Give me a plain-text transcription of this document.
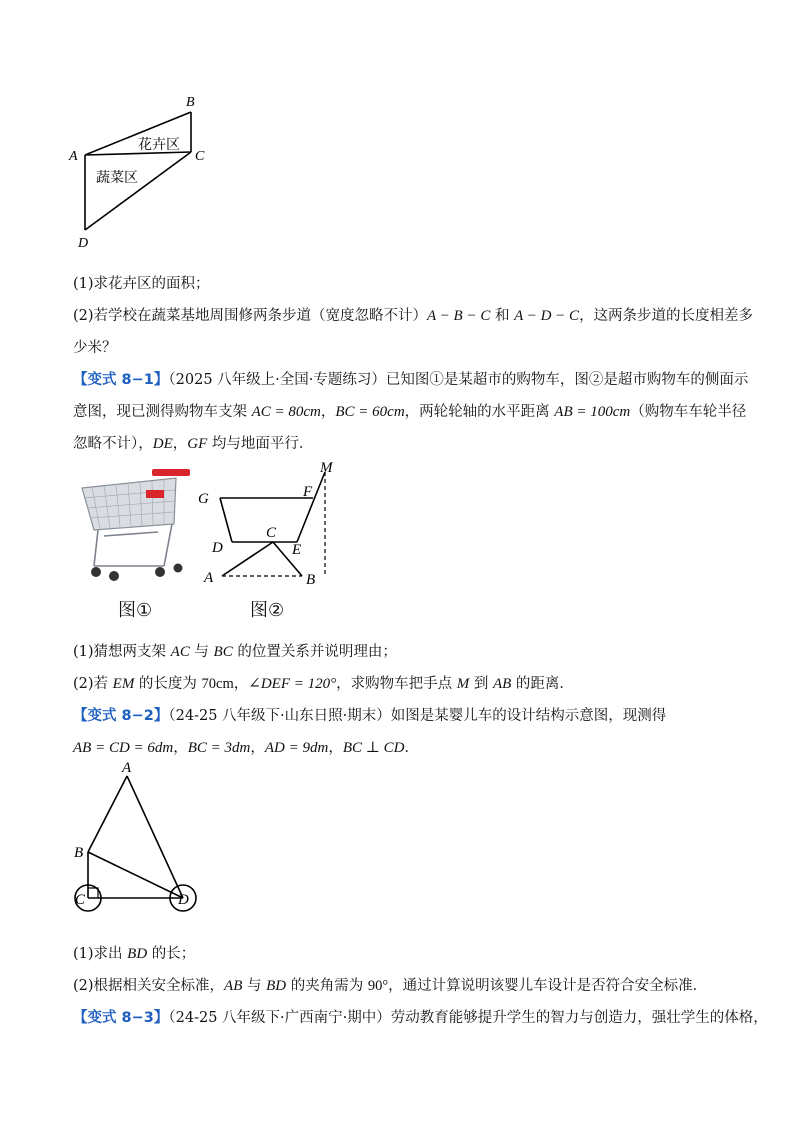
B
A	C
D
花卉区
蔬菜区
(1)求花卉区的面积；
(2)若学校在蔬菜基地周围修两条步道（宽度忽略不计）A − B − C 和 A − D − C，这两条步道的长度相差多
少米？
【变式 8−1】（2025 八年级上·全国·专题练习）已知图①是某超市的购物车，图②是超市购物车的侧面示
意图，现已测得购物车支架 AC = 80cm，BC = 60cm，两轮轮轴的水平距离 AB = 100cm（购物车车轮半径
忽略不计），DE，GF 均与地面平行．
M
G	F
C
D	E
A	B
图①	图②
(1)猜想两支架 AC 与 BC 的位置关系并说明理由；
(2)若 EM 的长度为 70cm，∠DEF = 120°，求购物车把手点 M 到 AB 的距离．
【变式 8−2】（24-25 八年级下·山东日照·期末）如图是某婴儿车的设计结构示意图，现测得
AB = CD = 6dm，BC = 3dm，AD = 9dm，BC ⊥ CD．
A
B
C	D
(1)求出 BD 的长；
(2)根据相关安全标准，AB 与 BD 的夹角需为 90°，通过计算说明该婴儿车设计是否符合安全标准．
【变式 8−3】（24-25 八年级下·广西南宁·期中）劳动教育能够提升学生的智力与创造力，强壮学生的体格，
